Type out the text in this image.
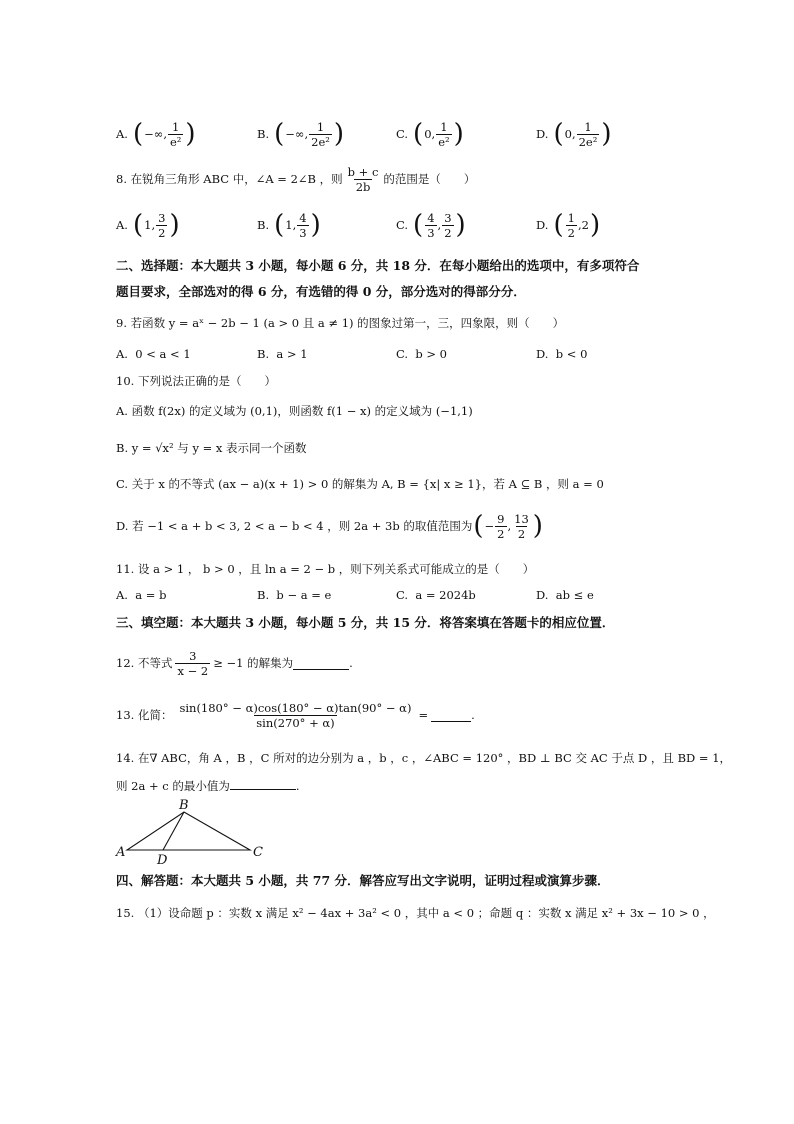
A. ( −∞, $\frac{1}{\text{e²}}$ )	B. ( −∞, $\frac{1}{\text{2e²}}$ )	C. ( 0, $\frac{1}{\text{e²}}$ )	D. ( 0, $\frac{1}{\text{2e²}}$ )
8. 在锐角三角形 ABC 中，∠A = 2∠B ，则 $\frac{b + c}{2b}$ 的范围是（　　）
A. ( 1, $\frac{3}{2}$ )	B. ( 1, $\frac{4}{3}$ )	C. ( $\frac{4}{3}$ , $\frac{3}{2}$ )	D. ( $\frac{1}{2} ,2$ )
二、选择题：本大题共 3 小题，每小题 6 分，共 18 分．在每小题给出的选项中，有多项符合
题目要求，全部选对的得 6 分，有选错的得 0 分，部分选对的得部分分．
9. 若函数 y = aˣ − 2b − 1 (a > 0 且 a ≠ 1) 的图象过第一，三，四象限，则（　　）
A. 0 < a < 1	B. a > 1	C. b > 0	D. b < 0
10. 下列说法正确的是（　　）
A. 函数 f(2x) 的定义域为 (0,1)，则函数 f(1 − x) 的定义域为 (−1,1)
B. y = √x² 与 y = x 表示同一个函数
C. 关于 x 的不等式 (ax − a)(x + 1) > 0 的解集为 A, B = {x| x ≥ 1}，若 A ⊆ B ，则 a = 0
D. 若 −1 < a + b < 3, 2 < a − b < 4 ，则 2a + 3b 的取值范围为 ( − $\frac{9}{2}$ , $\frac{13}{2}$ )
11. 设 a > 1 ， b > 0 ，且 ln a = 2 − b ，则下列关系式可能成立的是（　　）
A. a = b	B. b − a = e	C. a = 2024b	D. ab ≤ e
三、填空题：本大题共 3 小题，每小题 5 分，共 15 分．将答案填在答题卡的相应位置．
12. 不等式 $\frac{3}{x - 2} \ge -1$ 的解集为	.
13. 化简： $\frac{\sin(180^\circ - \alpha)\cos(180^\circ - \alpha)\tan(90^\circ - \alpha)}{\sin(270^\circ + \alpha)}$ =	.
14. 在∇ ABC，角 A ，B ，C 所对的边分别为 a ，b ，c ，∠ABC = 120° ，BD ⊥ BC 交 AC 于点 D ，且 BD = 1，
则 2a + c 的最小值为	.
B
A	C
D
四、解答题：本大题共 5 小题，共 77 分．解答应写出文字说明，证明过程或演算步骤．
15. （1）设命题 p ：实数 x 满足 x² − 4ax + 3a² < 0 ，其中 a < 0 ；命题 q ：实数 x 满足 x² + 3x − 10 > 0 ，
